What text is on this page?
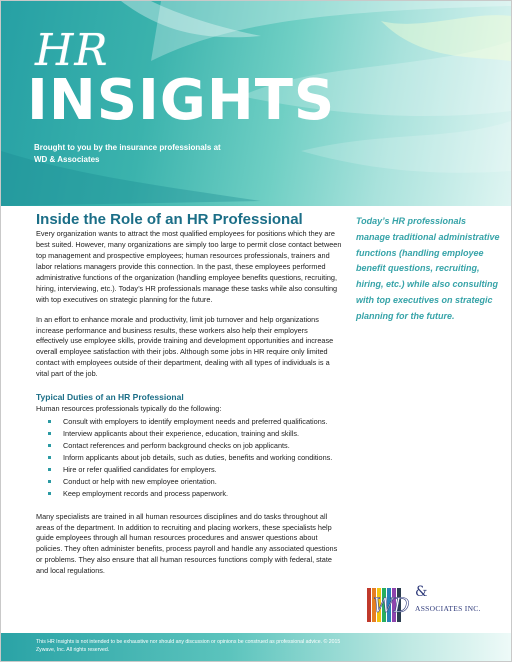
HR
INSIGHTS
Brought to you by the insurance professionals at
WD & Associates
Inside the Role of an HR Professional

Every organization wants to attract the most qualified employees for positions which they are best suited. However, many organizations are simply too large to permit close contact between top management and prospective employees; human resources professionals, trainers and labor relations managers provide this connection. In the past, these employees performed administrative functions of the organization (handling employee benefits questions, recruiting, hiring, interviewing, etc.). Today’s HR professionals manage these tasks while also consulting with top executives on strategic planning for the future.

In an effort to enhance morale and productivity, limit job turnover and help organizations increase performance and business results, these workers also help their employers effectively use employee skills, provide training and development opportunities and increase overall employee satisfaction with their jobs. Although some jobs in HR require only limited contact with employees outside of their department, dealing with all types of individuals is a vital part of the job.

Typical Duties of an HR Professional

Human resources professionals typically do the following:

Consult with employers to identify employment needs and preferred qualifications.
Interview applicants about their experience, education, training and skills.
Contact references and perform background checks on job applicants.
Inform applicants about job details, such as duties, benefits and working conditions.
Hire or refer qualified candidates for employers.
Conduct or help with new employee orientation.
Keep employment records and process paperwork.

Many specialists are trained in all human resources disciplines and do tasks throughout all areas of the department. In addition to recruiting and placing workers, these specialists help guide employees through all human resources procedures and answer questions about policies. They often administer benefits, process payroll and handle any associated questions or problems. They also ensure that all human resources functions comply with federal, state and local regulations.

Today’s HR professionals manage traditional administrative functions (handling employee benefit questions, recruiting, hiring, etc.) while also consulting with top executives on strategic planning for the future.
WD
&
ASSOCIATES INC.
This HR Insights is not intended to be exhaustive nor should any discussion or opinions be construed as professional advice. © 2015 Zywave, Inc. All rights reserved.
